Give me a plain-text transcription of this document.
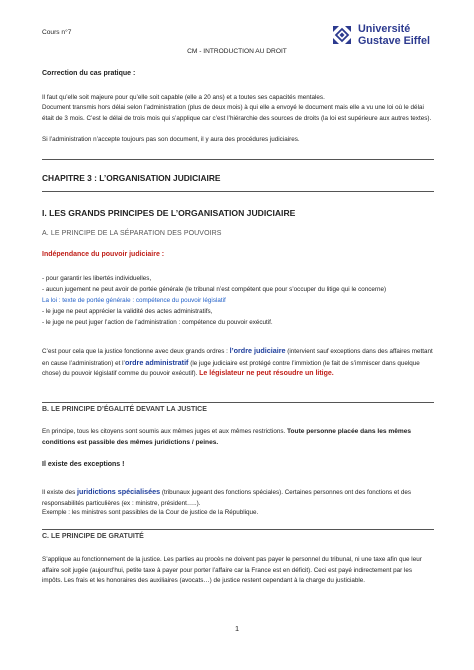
Cours n°7	Université
Gustave Eiffel
CM - INTRODUCTION AU DROIT
Correction du cas pratique :

Il faut qu’elle soit majeure pour qu’elle soit capable (elle a 20 ans) et a toutes ses capacités mentales.

Document transmis hors délai selon l’administration (plus de deux mois) à qui elle a envoyé le document mais elle a vu une loi où le délai était de 3 mois. C’est le délai de trois mois qui s’applique car c’est l’hiérarchie des sources de droits (la loi est supérieure aux autres textes).

Si l’administration n’accepte toujours pas son document, il y aura des procédures judiciaires.

CHAPITRE 3 : L’ORGANISATION JUDICIAIRE
I. LES GRANDS PRINCIPES DE L’ORGANISATION JUDICIAIRE
A. LE PRINCIPE DE LA SÉPARATION DES POUVOIRS
Indépendance du pouvoir judiciaire :

- pour garantir les libertés individuelles,

- aucun jugement ne peut avoir de portée générale (le tribunal n’est compétent que pour s’occuper du litige qui le concerne)

La loi : texte de portée générale : compétence du pouvoir législatif

- le juge ne peut apprécier la validité des actes administratifs,

- le juge ne peut juger l’action de l’administration : compétence du pouvoir exécutif.

C’est pour cela que la justice fonctionne avec deux grands ordres : l’ordre judiciaire (intervient sauf exceptions dans des affaires mettant en cause l’administration) et l’ordre administratif (le juge judiciaire est protégé contre l’immixtion (le fait de s’immiscer dans quelque chose) du pouvoir législatif comme du pouvoir exécutif). Le législateur ne peut résoudre un litige.

B. LE PRINCIPE D’ÉGALITÉ DEVANT LA JUSTICE

En principe, tous les citoyens sont soumis aux mêmes juges et aux mêmes restrictions. Toute personne placée dans les mêmes conditions est passible des mêmes juridictions / peines.

Il existe des exceptions !

Il existe des juridictions spécialisées (tribunaux jugeant des fonctions spéciales). Certaines personnes ont des fonctions et des responsabilités particulières (ex : ministre, président…..).

Exemple : les ministres sont passibles de la Cour de justice de la République.

C. LE PRINCIPE DE GRATUITÉ

S’applique au fonctionnement de la justice. Les parties au procès ne doivent pas payer le personnel du tribunal, ni une taxe afin que leur affaire soit jugée (aujourd’hui, petite taxe à payer pour porter l’affaire car la France est en déficit). Ceci est payé indirectement par les impôts. Les frais et les honoraires des auxiliaires (avocats…) de justice restent cependant à la charge du justiciable.

1
